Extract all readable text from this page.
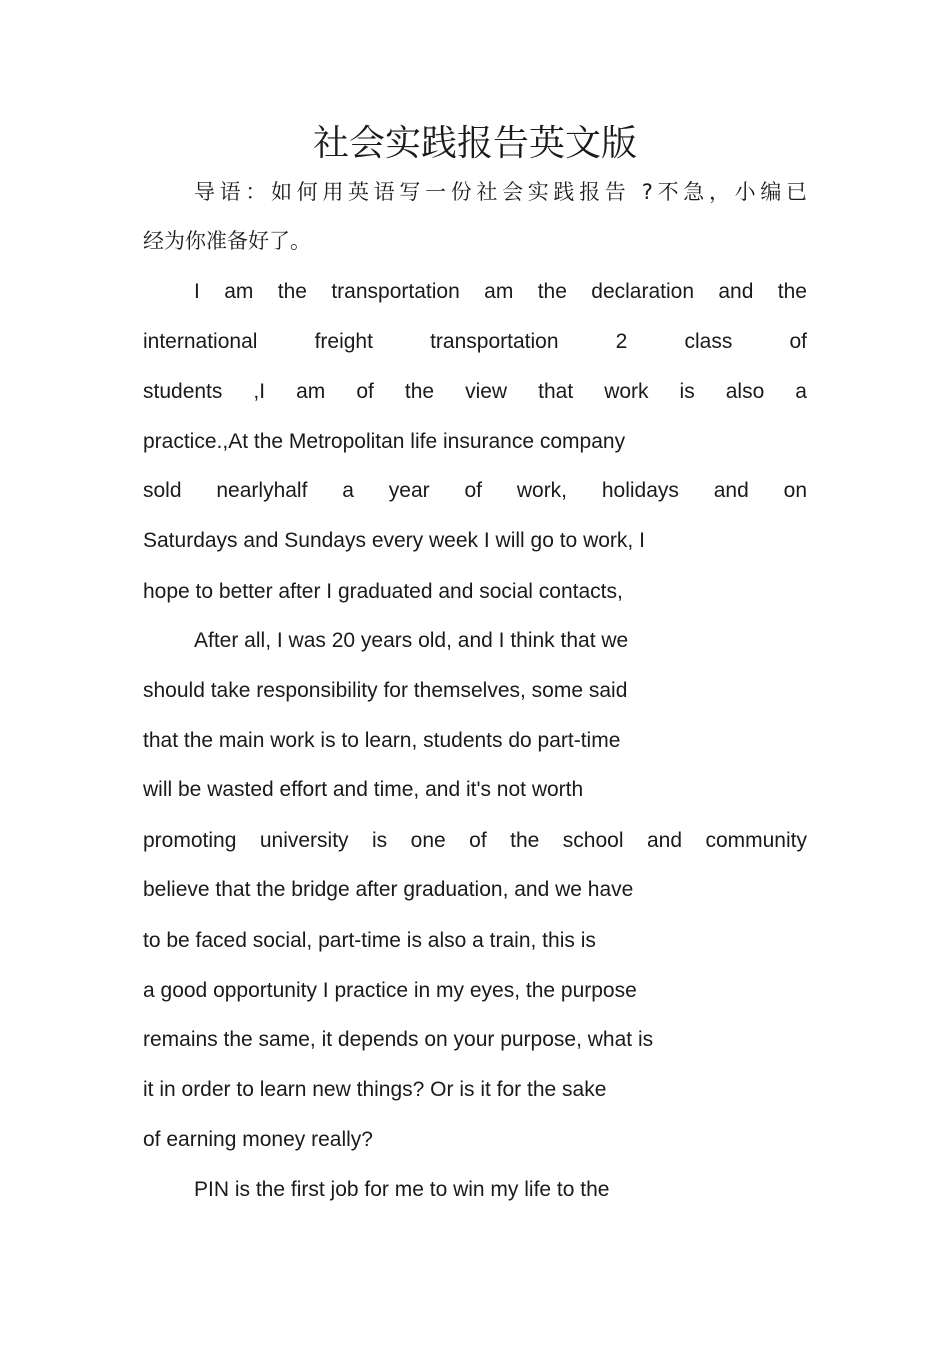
社会实践报告英文版
导语：如何用英语写一份社会实践报告 ?不急，小编已
经为你准备好了。
I am the transportation am the declaration and the
international freight transportation 2 class of
students ,I am of the view that work is also a
practice.,At the Metropolitan life insurance company
sold nearlyhalf a year of work, holidays and on
Saturdays and Sundays every week I will go to work, I
hope to better after I graduated and social contacts,
After all, I was 20 years old, and I think that we
should take responsibility for themselves, some said
that the main work is to learn, students do part-time
will be wasted effort and time, and it's not worth
promoting university is one of the school and community
believe that the bridge after graduation, and we have
to be faced social, part-time is also a train, this is
a good opportunity I practice in my eyes, the purpose
remains the same, it depends on your purpose, what is
it in order to learn new things? Or is it for the sake
of earning money really?
PIN is the first job for me to win my life to the
